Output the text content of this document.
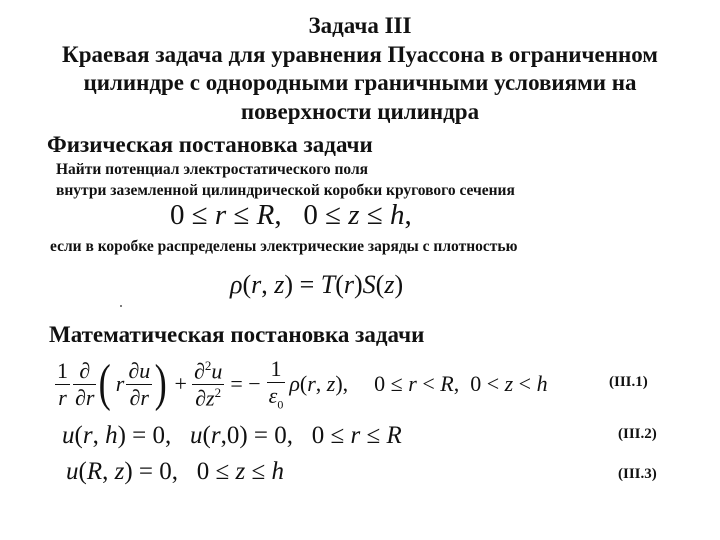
Задача III
Краевая задача для уравнения Пуассона в ограниченном
цилиндре с однородными граничными условиями на
поверхности цилиндра
Физическая постановка задачи
Найти потенциал электростатического поля
внутри заземленной цилиндрической коробки кругового сечения
0 ≤ r ≤ R,   0 ≤ z ≤ h,
если в коробке распределены электрические заряды с плотностью
ρ(r, z) = T(r)S(z)
Математическая постановка задачи
$\frac{1}{r} \frac{\partial}{\partial r}$ ( r $\frac{\partial u}{\partial r}$ ) + $\frac{\partial^2u}{\partial z^2}$ = − $\frac{1}{\varepsilon_0} \rho(r$, z), 0 ≤ r < R,  0 < z < h	(III.1)
u(r, h) = 0,   u(r,0) = 0,   0 ≤ r ≤ R	(III.2)
u(R, z) = 0,   0 ≤ z ≤ h	(III.3)
